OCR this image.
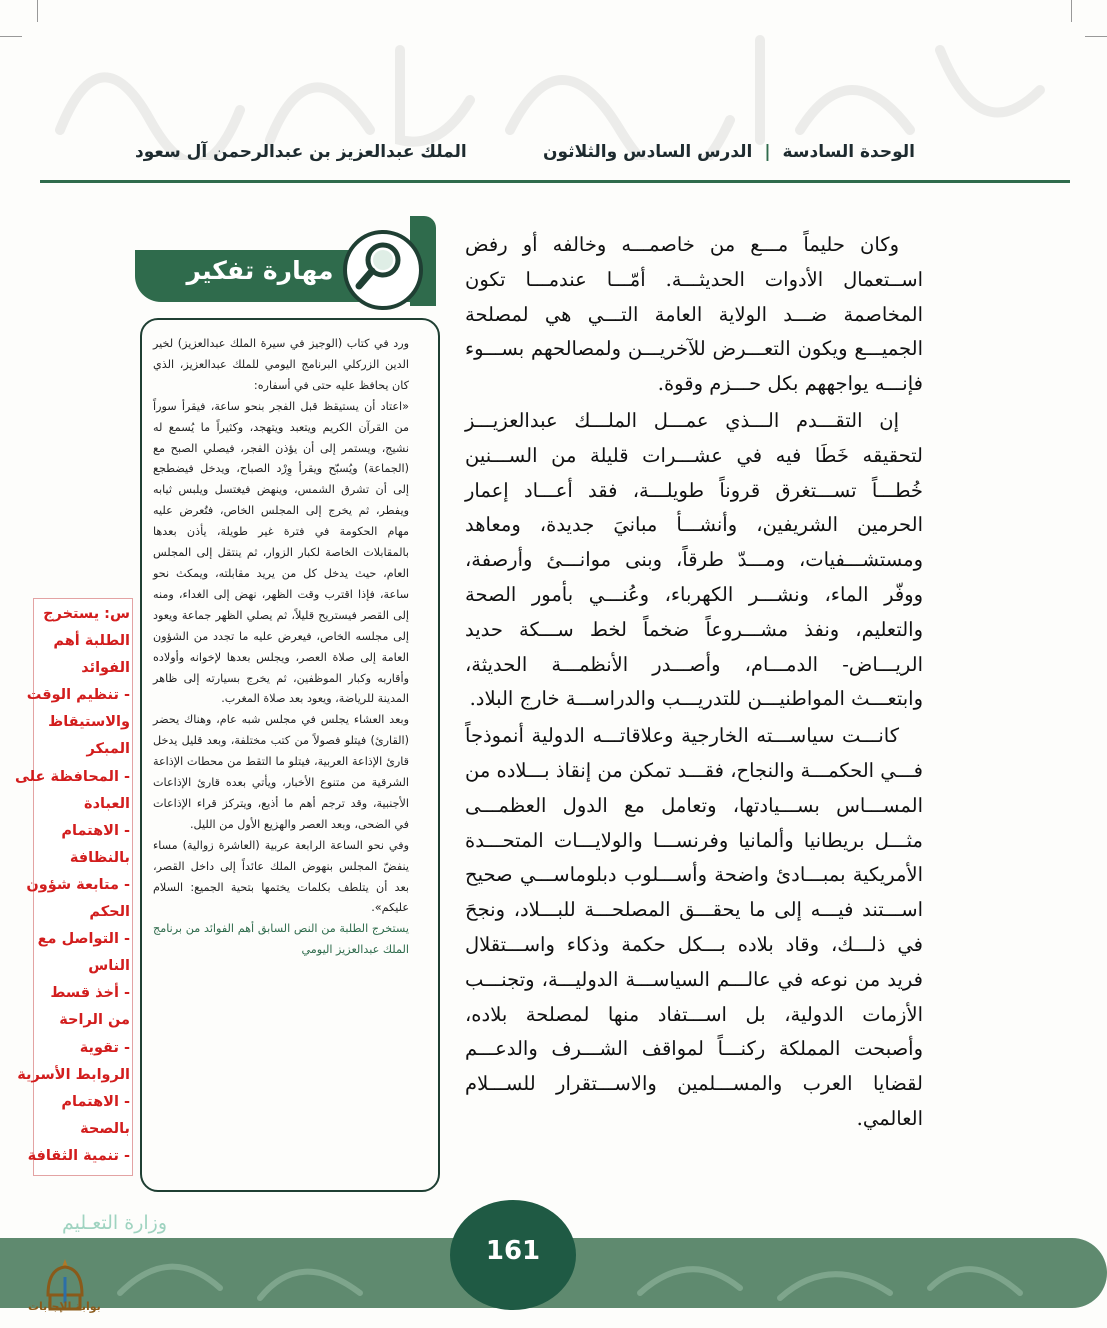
الوحدة السادسة | الدرس السادس والثلاثون
الملك عبدالعزيز بن عبدالرحمن آل سعود

وكان حليماً مـــع من خاصمـــه وخالفه أو رفض اســتعمال الأدوات الحديثـــة. أمّـــا عندمـــا تكون المخاصمة ضـــد الولاية العامة التـــي هي لمصلحة الجميـــع ويكون التعـــرض للآخريـــن ولمصالحهم بســـوء فإنـــه يواجههم بكل حـــزم وقوة.

إن التقـــدم الـــذي عمـــل الملـــك عبدالعزيـــز لتحقيقه خَطَا فيه في عشـــرات قليلة من الســـنين خُطـــاً تســـتغرق قروناً طويلـــة، فقد أعـــاد إعمار الحرمين الشريفين، وأنشـــأ مبانيَ جديدة، ومعاهد ومستشـــفيات، ومـــدّ طرقاً، وبنى موانـــئ وأرصفة، ووفّر الماء، ونشـــر الكهرباء، وعُنـــي بأمور الصحة والتعليم، ونفذ مشـــروعاً ضخماً لخط ســـكة حديد الريـــاض- الدمـــام، وأصـــدر الأنظمـــة الحديثة، وابتعـــث المواطنيـــن للتدريـــب والدراســـة خارج البلاد.

كانـــت سياســـته الخارجية وعلاقاتـــه الدولية أنموذجاً فـــي الحكمـــة والنجاح، فقـــد تمكن من إنقاذ بـــلاده من المســـاس بســـيادتها، وتعامل مع الدول العظمـــى مثـــل بريطانيا وألمانيا وفرنســـا والولايـــات المتحـــدة الأمريكية بمبـــادئ واضحة وأســـلوب دبلوماســـي صحيح اســـتند فيـــه إلى ما يحقـــق المصلحـــة للبـــلاد، ونجحَ في ذلـــك، وقاد بلاده بـــكل حكمة وذكاء واســـتقلال فريد من نوعه في عالـــم السياســـة الدوليـــة، وتجنـــب الأزمات الدولية، بل اســـتفاد منها لمصلحة بلاده، وأصبحت المملكة ركنـــاً لمواقف الشـــرف والدعـــم لقضايا العرب والمســـلمين والاســـتقرار للســـلام العالمي.

مهارة تفكير

ورد في كتاب (الوجيز في سيرة الملك عبدالعزيز) لخير الدين الزركلي البرنامج اليومي للملك عبدالعزيز، الذي كان يحافظ عليه حتى في أسفاره:

«اعتاد أن يستيقظ قبل الفجر بنحو ساعة، فيقرأ سوراً من القرآن الكريم ويتعبد ويتهجد، وكثيراً ما يُسمع له نشيج، ويستمر إلى أن يؤذن الفجر، فيصلي الصبح مع (الجماعة) ويُسبّح ويقرأ وِرْد الصباح، ويدخل فيضطجع إلى أن تشرق الشمس، وينهض فيغتسل ويلبس ثيابه ويفطر، ثم يخرج إلى المجلس الخاص، فتُعرض عليه مهام الحكومة في فترة غير طويلة، يأذن بعدها بالمقابلات الخاصة لكبار الزوار، ثم ينتقل إلى المجلس العام، حيث يدخل كل من يريد مقابلته، ويمكث نحو ساعة، فإذا اقترب وقت الظهر، نهض إلى الغداء، ومنه إلى القصر فيستريح قليلاً، ثم يصلي الظهر جماعة ويعود إلى مجلسه الخاص، فيعرض عليه ما تجدد من الشؤون العامة إلى صلاة العصر، ويجلس بعدها لإخوانه وأولاده وأقاربه وكبار الموظفين، ثم يخرج بسيارته إلى ظاهر المدينة للرياضة، ويعود بعد صلاة المغرب.

وبعد العشاء يجلس في مجلس شبه عام، وهناك يحضر (القارئ) فيتلو فصولاً من كتب مختلفة، وبعد قليل يدخل قارئ الإذاعة العربية، فيتلو ما التقط من محطات الإذاعة الشرقية من متنوع الأخبار، ويأتي بعده قارئ الإذاعات الأجنبية، وقد ترجم أهم ما أذيع، ويتركز قراء الإذاعات في الضحى، وبعد العصر والهزيع الأول من الليل.

وفي نحو الساعة الرابعة عربية (العاشرة زوالية) مساء ينفضّ المجلس بنهوض الملك عائداً إلى داخل القصر، بعد أن يتلطف بكلمات يختمها بتحية الجميع: السلام عليكم».

يستخرج الطلبة من النص السابق أهم الفوائد من برنامج الملك عبدالعزيز اليومي

س: يستخرج
الطلبة أهم
الفوائد
- تنظيم الوقت
والاستيقاظ
المبكر
- المحافظة على
العبادة
- الاهتمام
بالنظافة
- متابعة شؤون
الحكم
- التواصل مع
الناس
- أخذ قسط
من الراحة
- تقوية
الروابط الأسرية
- الاهتمام
بالصحة
- تنمية الثقافة
وزارة التعـليم
161
بوابة الإجابات
